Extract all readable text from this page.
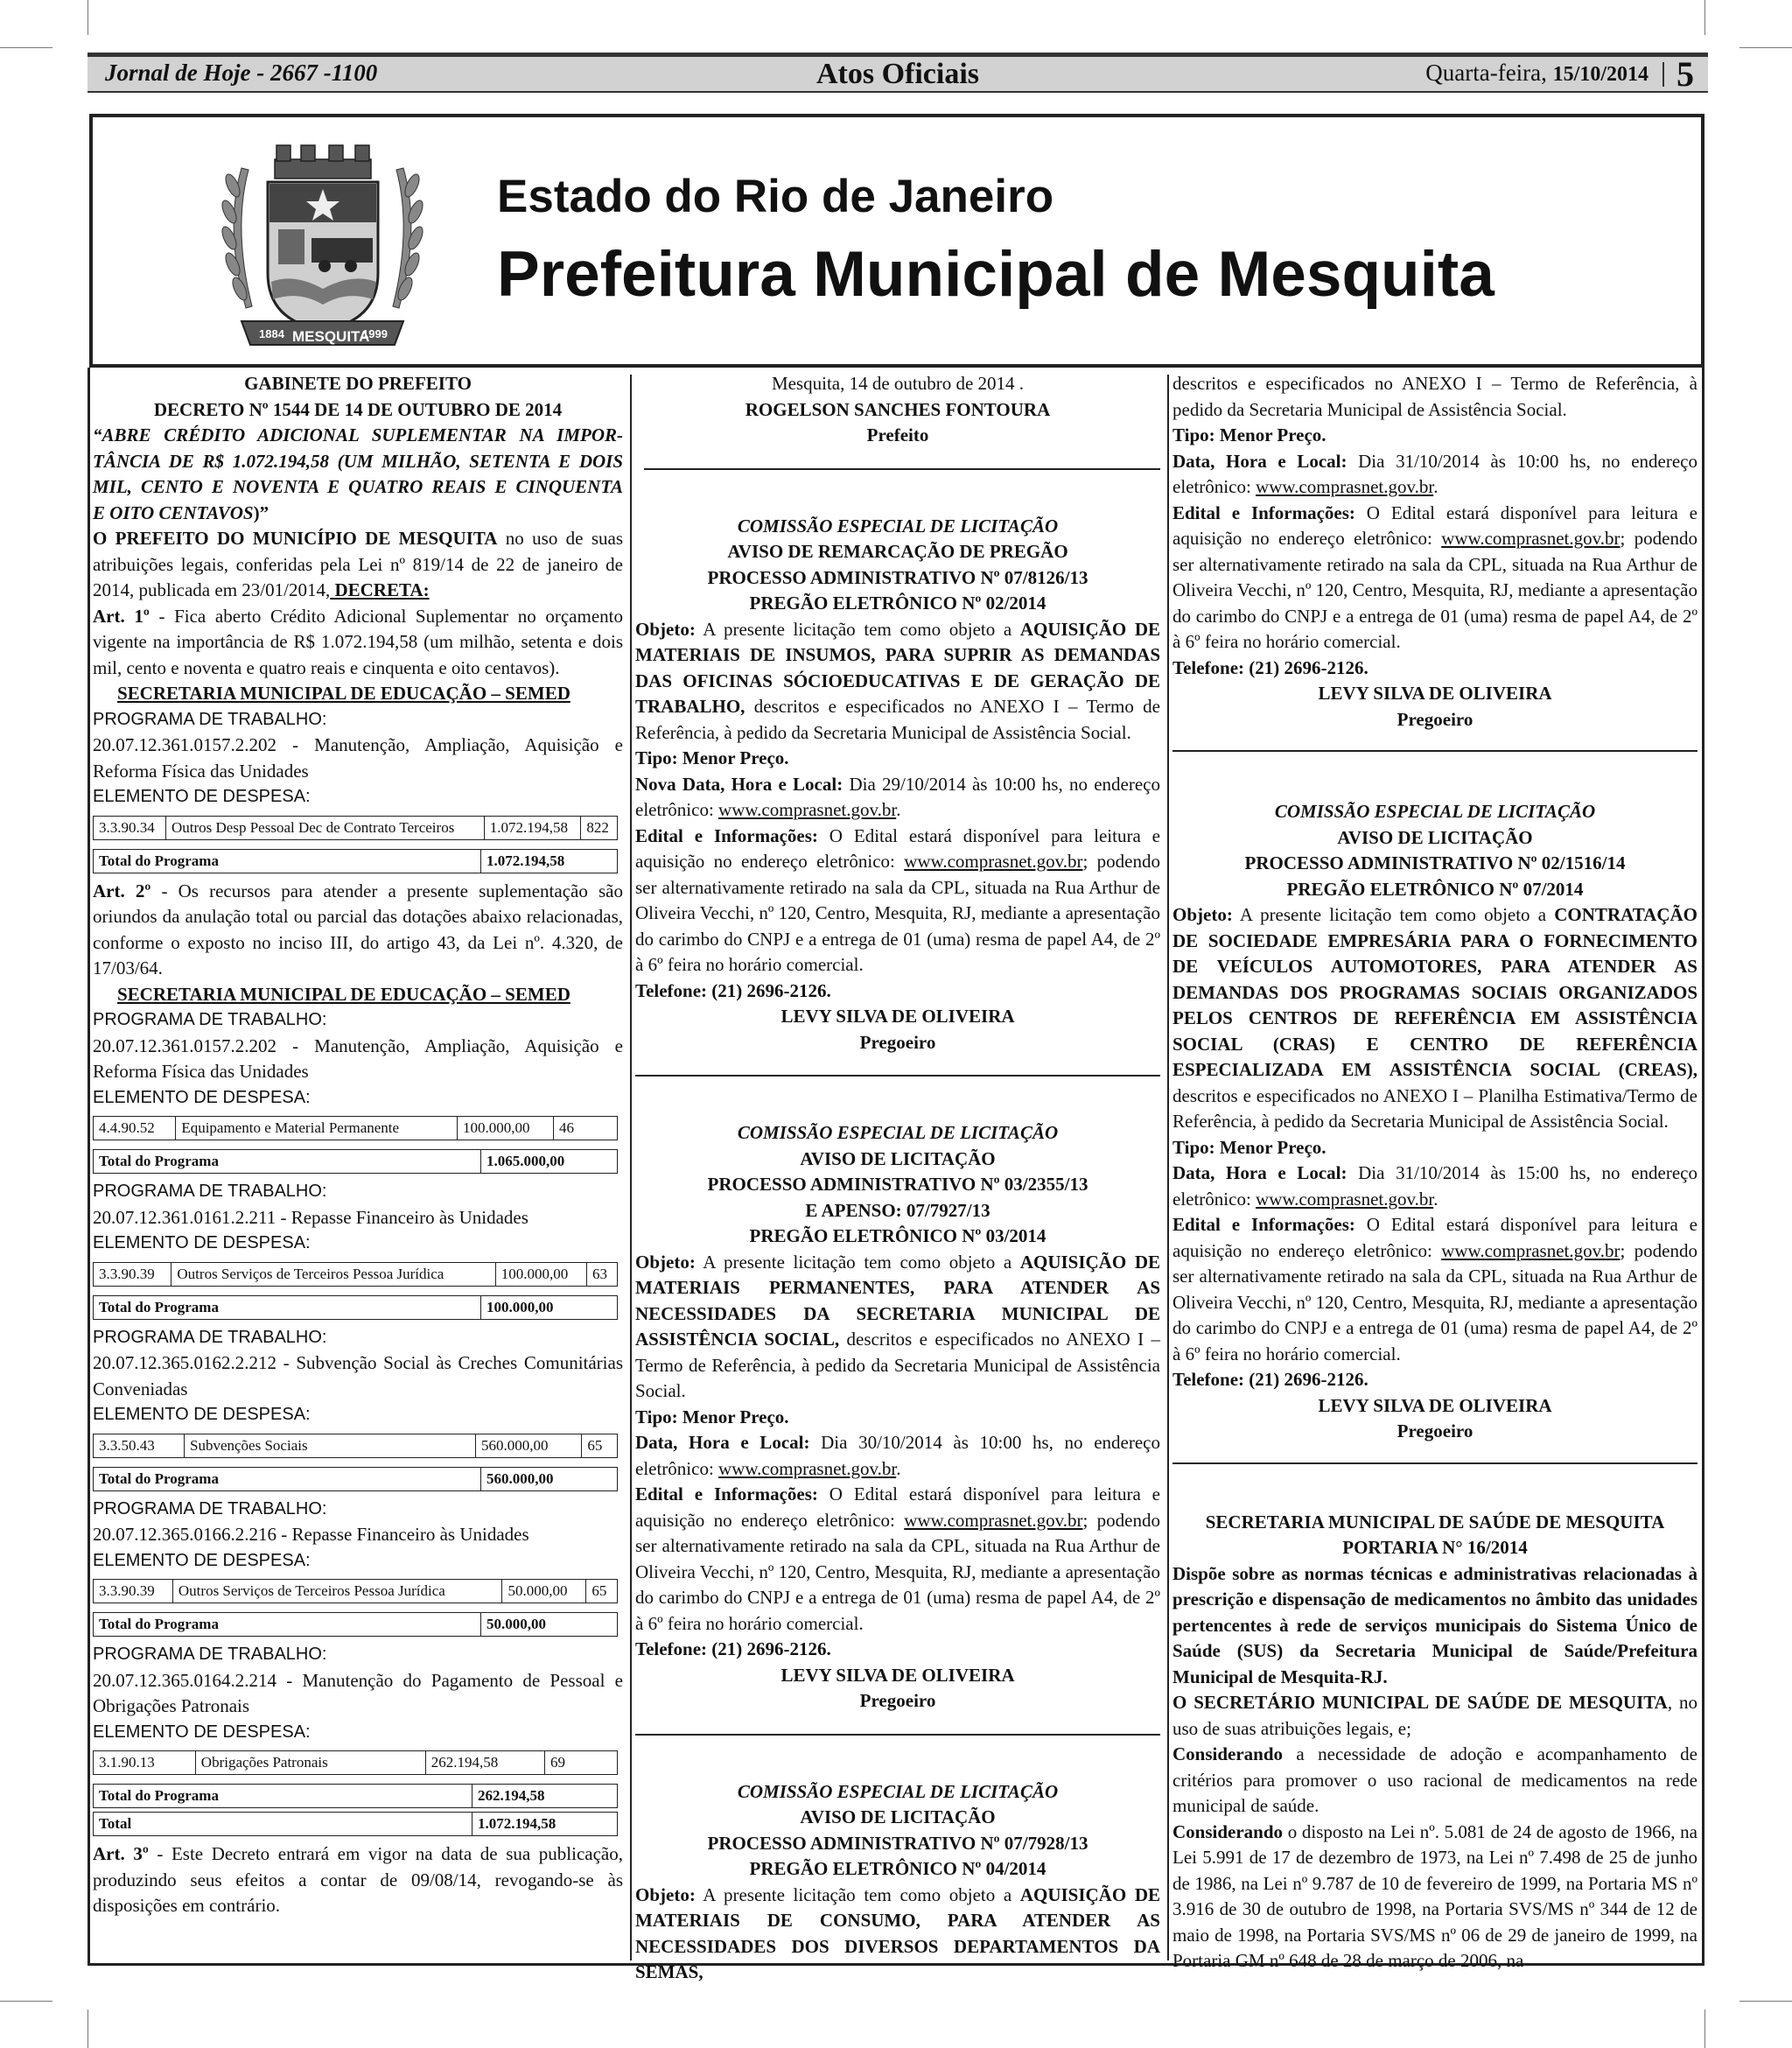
Jornal de Hoje - 2667 -1100	Atos Oficiais	Quarta-feira, 15/10/2014 5
1884 MESQUITA
1999
Estado do Rio de Janeiro
Prefeitura Municipal de Mesquita

GABINETE DO PREFEITO

DECRETO Nº 1544 DE 14 DE OUTUBRO DE 2014

“ABRE CRÉDITO ADICIONAL SUPLEMENTAR NA IMPOR-

TÂNCIA DE R$ 1.072.194,58 (UM MILHÃO, SETENTA E DOIS

MIL, CENTO E NOVENTA E QUATRO REAIS E CINQUENTA

E OITO CENTAVOS)”

O PREFEITO DO MUNICÍPIO DE MESQUITA no uso de suas atribuições legais, conferidas pela Lei nº 819/14 de 22 de janeiro de 2014, publicada em 23/01/2014, DECRETA:

Art. 1º - Fica aberto Crédito Adicional Suplementar no orçamento vigente na importância de R$ 1.072.194,58 (um milhão, setenta e dois mil, cento e noventa e quatro reais e cinquenta e oito centavos).

SECRETARIA MUNICIPAL DE EDUCAÇÃO – SEMED

PROGRAMA DE TRABALHO:

20.07.12.361.0157.2.202 - Manutenção, Ampliação, Aquisição e Reforma Física das Unidades

ELEMENTO DE DESPESA:

3.3.90.34	Outros Desp Pessoal Dec de Contrato Terceiros	1.072.194,58	822
Total do Programa	1.072.194,58

Art. 2º - Os recursos para atender a presente suplementação são oriundos da anulação total ou parcial das dotações abaixo relacionadas, conforme o exposto no inciso III, do artigo 43, da Lei nº. 4.320, de 17/03/64.

SECRETARIA MUNICIPAL DE EDUCAÇÃO – SEMED

PROGRAMA DE TRABALHO:

20.07.12.361.0157.2.202 - Manutenção, Ampliação, Aquisição e Reforma Física das Unidades

ELEMENTO DE DESPESA:

4.4.90.52	Equipamento e Material Permanente	100.000,00	46
Total do Programa	1.065.000,00

PROGRAMA DE TRABALHO:

20.07.12.361.0161.2.211 - Repasse Financeiro às Unidades

ELEMENTO DE DESPESA:

3.3.90.39	Outros Serviços de Terceiros Pessoa Jurídica	100.000,00	63
Total do Programa	100.000,00

PROGRAMA DE TRABALHO:

20.07.12.365.0162.2.212 - Subvenção Social às Creches Comunitárias Conveniadas

ELEMENTO DE DESPESA:

3.3.50.43	Subvenções Sociais	560.000,00	65
Total do Programa	560.000,00

PROGRAMA DE TRABALHO:

20.07.12.365.0166.2.216 - Repasse Financeiro às Unidades

ELEMENTO DE DESPESA:

3.3.90.39	Outros Serviços de Terceiros Pessoa Jurídica	50.000,00	65
Total do Programa	50.000,00

PROGRAMA DE TRABALHO:

20.07.12.365.0164.2.214 - Manutenção do Pagamento de Pessoal e Obrigações Patronais

ELEMENTO DE DESPESA:

3.1.90.13	Obrigações Patronais	262.194,58	69
Total do Programa	262.194,58
Total	1.072.194,58

Art. 3º - Este Decreto entrará em vigor na data de sua publicação, produzindo seus efeitos a contar de 09/08/14, revogando-se às disposições em contrário.

Mesquita, 14 de outubro de 2014 .

ROGELSON SANCHES FONTOURA

Prefeito

COMISSÃO ESPECIAL DE LICITAÇÃO

AVISO DE REMARCAÇÃO DE PREGÃO

PROCESSO ADMINISTRATIVO Nº 07/8126/13

PREGÃO ELETRÔNICO Nº 02/2014

Objeto: A presente licitação tem como objeto a AQUISIÇÃO DE MATERIAIS DE INSUMOS, PARA SUPRIR AS DEMANDAS DAS OFICINAS SÓCIOEDUCATIVAS E DE GERAÇÃO DE TRABALHO, descritos e especificados no ANEXO I – Termo de Referência, à pedido da Secretaria Municipal de Assistência Social.

Tipo: Menor Preço.

Nova Data, Hora e Local: Dia 29/10/2014 às 10:00 hs, no endereço eletrônico: www.comprasnet.gov.br.

Edital e Informações: O Edital estará disponível para leitura e aquisição no endereço eletrônico: www.comprasnet.gov.br; podendo ser alternativamente retirado na sala da CPL, situada na Rua Arthur de Oliveira Vecchi, nº 120, Centro, Mesquita, RJ, mediante a apresentação do carimbo do CNPJ e a entrega de 01 (uma) resma de papel A4, de 2º à 6º feira no horário comercial.

Telefone: (21) 2696-2126.

LEVY SILVA DE OLIVEIRA

Pregoeiro

COMISSÃO ESPECIAL DE LICITAÇÃO

AVISO DE LICITAÇÃO

PROCESSO ADMINISTRATIVO Nº 03/2355/13

E APENSO: 07/7927/13

PREGÃO ELETRÔNICO Nº 03/2014

Objeto: A presente licitação tem como objeto a AQUISIÇÃO DE MATERIAIS PERMANENTES, PARA ATENDER AS NECESSIDADES DA SECRETARIA MUNICIPAL DE ASSISTÊNCIA SOCIAL, descritos e especificados no ANEXO I – Termo de Referência, à pedido da Secretaria Municipal de Assistência Social.

Tipo: Menor Preço.

Data, Hora e Local: Dia 30/10/2014 às 10:00 hs, no endereço eletrônico: www.comprasnet.gov.br.

Edital e Informações: O Edital estará disponível para leitura e aquisição no endereço eletrônico: www.comprasnet.gov.br; podendo ser alternativamente retirado na sala da CPL, situada na Rua Arthur de Oliveira Vecchi, nº 120, Centro, Mesquita, RJ, mediante a apresentação do carimbo do CNPJ e a entrega de 01 (uma) resma de papel A4, de 2º à 6º feira no horário comercial.

Telefone: (21) 2696-2126.

LEVY SILVA DE OLIVEIRA

Pregoeiro

COMISSÃO ESPECIAL DE LICITAÇÃO

AVISO DE LICITAÇÃO

PROCESSO ADMINISTRATIVO Nº 07/7928/13

PREGÃO ELETRÔNICO Nº 04/2014

Objeto: A presente licitação tem como objeto a AQUISIÇÃO DE MATERIAIS DE CONSUMO, PARA ATENDER AS NECESSIDADES DOS DIVERSOS DEPARTAMENTOS DA SEMAS,

descritos e especificados no ANEXO I – Termo de Referência, à pedido da Secretaria Municipal de Assistência Social.

Tipo: Menor Preço.

Data, Hora e Local: Dia 31/10/2014 às 10:00 hs, no endereço eletrônico: www.comprasnet.gov.br.

Edital e Informações: O Edital estará disponível para leitura e aquisição no endereço eletrônico: www.comprasnet.gov.br; podendo ser alternativamente retirado na sala da CPL, situada na Rua Arthur de Oliveira Vecchi, nº 120, Centro, Mesquita, RJ, mediante a apresentação do carimbo do CNPJ e a entrega de 01 (uma) resma de papel A4, de 2º à 6º feira no horário comercial.

Telefone: (21) 2696-2126.

LEVY SILVA DE OLIVEIRA

Pregoeiro

COMISSÃO ESPECIAL DE LICITAÇÃO

AVISO DE LICITAÇÃO

PROCESSO ADMINISTRATIVO Nº 02/1516/14

PREGÃO ELETRÔNICO Nº 07/2014

Objeto: A presente licitação tem como objeto a CONTRATAÇÃO DE SOCIEDADE EMPRESÁRIA PARA O FORNECIMENTO DE VEÍCULOS AUTOMOTORES, PARA ATENDER AS DEMANDAS DOS PROGRAMAS SOCIAIS ORGANIZADOS PELOS CENTROS DE REFERÊNCIA EM ASSISTÊNCIA SOCIAL (CRAS) E CENTRO DE REFERÊNCIA ESPECIALIZADA EM ASSISTÊNCIA SOCIAL (CREAS), descritos e especificados no ANEXO I – Planilha Estimativa/Termo de Referência, à pedido da Secretaria Municipal de Assistência Social.

Tipo: Menor Preço.

Data, Hora e Local: Dia 31/10/2014 às 15:00 hs, no endereço eletrônico: www.comprasnet.gov.br.

Edital e Informações: O Edital estará disponível para leitura e aquisição no endereço eletrônico: www.comprasnet.gov.br; podendo ser alternativamente retirado na sala da CPL, situada na Rua Arthur de Oliveira Vecchi, nº 120, Centro, Mesquita, RJ, mediante a apresentação do carimbo do CNPJ e a entrega de 01 (uma) resma de papel A4, de 2º à 6º feira no horário comercial.

Telefone: (21) 2696-2126.

LEVY SILVA DE OLIVEIRA

Pregoeiro

SECRETARIA MUNICIPAL DE SAÚDE DE MESQUITA

PORTARIA N° 16/2014

Dispõe sobre as normas técnicas e administrativas relacionadas à prescrição e dispensação de medicamentos no âmbito das unidades pertencentes à rede de serviços municipais do Sistema Único de Saúde (SUS) da Secretaria Municipal de Saúde/Prefeitura Municipal de Mesquita-RJ.

O SECRETÁRIO MUNICIPAL DE SAÚDE DE MESQUITA, no uso de suas atribuições legais, e;

Considerando a necessidade de adoção e acompanhamento de critérios para promover o uso racional de medicamentos na rede municipal de saúde.

Considerando o disposto na Lei nº. 5.081 de 24 de agosto de 1966, na Lei 5.991 de 17 de dezembro de 1973, na Lei nº 7.498 de 25 de junho de 1986, na Lei nº 9.787 de 10 de fevereiro de 1999, na Portaria MS nº 3.916 de 30 de outubro de 1998, na Portaria SVS/MS nº 344 de 12 de maio de 1998, na Portaria SVS/MS nº 06 de 29 de janeiro de 1999, na Portaria GM nº 648 de 28 de março de 2006, na
